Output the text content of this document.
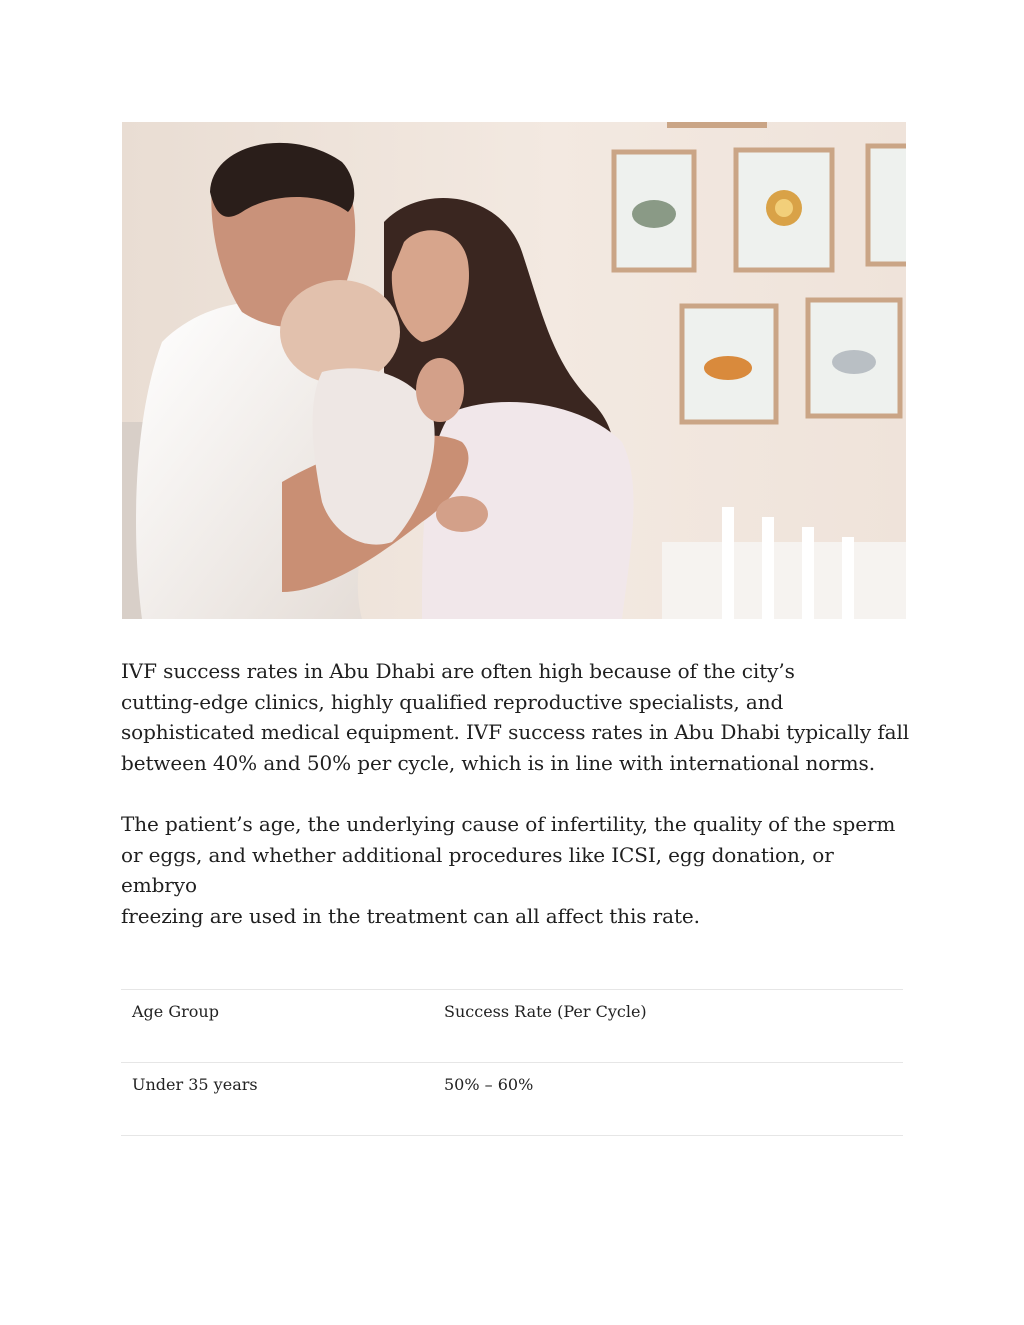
IVF success rates in Abu Dhabi are often high because of the city’s
cutting-edge clinics, highly qualified reproductive specialists, and
sophisticated medical equipment. IVF success rates in Abu Dhabi typically fall
between 40% and 50% per cycle, which is in line with international norms.

The patient’s age, the underlying cause of infertility, the quality of the sperm
or eggs, and whether additional procedures like ICSI, egg donation, or embryo
freezing are used in the treatment can all affect this rate.

Age Group	Success Rate (Per Cycle)
Under 35 years	50% – 60%
